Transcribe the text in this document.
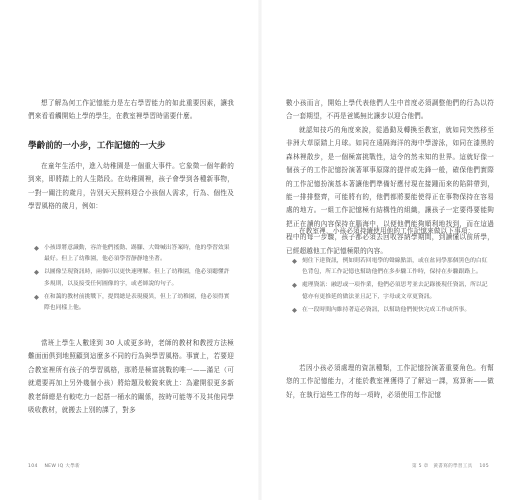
想了解為何工作記憶能力是左右學習能力的如此重要因素，讓我們來看看觸開始上學的學生，在教室裡學習時需要什麼。

學齡前的一小步，工作記憶的一大步

在童年生活中，進入幼稚園是一個重大事件。它象徵一個年齡的到來，即將踏上的人生階段。在幼稚園裡，孩子會學到各種新事物，一對一關注的歲月，告別天天照料迎合小孩個人需求，行為、個性及學習風格的歲月，例如：

◆ 小孩即將意識動，容許他們搖動、踢腳、大聲喊出答案時，他的學習效果最好。但上了幼稚園，他必須學習靜靜地坐著。
◆ 以圖像呈現資訊時，兩個可以更快速理解。但上了幼稚園，他必須聽懂許多規則，以及接受任何圖像的字，或老師說的句子。
◆ 在和藹的教材前挑戰下，提問總是表現優異，但上了幼稚園，他必須得實際也同樣上他。

當班上學生人數達到 30 人或更多時，老師的教材和教授方法極難面面俱到地照顧到這麼多不同的行為與學習風格。事實上，若要迎合教室裡所有孩子的學習風格，那將是極富挑戰的唯一——滿足（可就還要再加上另外幾個小孩）將給題及較銳來就上：為避開很更多新教老師總是有較吃力一起搭一桶水的關係，按時可能等不及其他同學吸收教材，就搬去上別的課了，對多

104 NEW IQ 大學新

數小孩而言，開始上學代表他們人生中首度必須調整他們的行為以符合一套期望，不再是爸媽無比讓步以迎合他們。

就認知技巧的角度來說，從過動及轉換至教室，就如同突然移至非洲大草原踏上月球。如同在遠隔海洋的海中學游泳，如同在漆黑的森林裡散步，是一個極富挑戰性，這令的然未知的世界。這就好像一個孩子的工作記憶扮演著軍事原隊的提伴或先鋒一般，確保他們實際的工作記憶扮演基本著讓他們準備好應付現在接踵而來的陷阱帶到，能一排排整齊，可能將有的，他們都將要能使得正在事物保持在容易處的地方。一組工作記憶極有結構性的組織，讓孩子一定要得要能夠把正在讀的內容保持在腦海中，以便他們能夠順利地找到，而在這過程中的每一步驟，孩子都必須去回收容納學期間，到讀懂以前所學，已經超越他工作記憶極限的內容。

在教室裡，小孩必須持續使用他的工作記憶來做以下事項：

◆ 刻住下達資訊，例如則若回電學的聲線點語，或在盆同學那個黑色的白紅色背包，所工作記憶也幫助他們在多步驟工作時，保持在步驟跟路上。
◆ 處理資訊：融思或一項作業，他們必須思考並去記錄後現任資訊，所以記憶亦有更推延的做法並且記下，字母或文章更資訊。
◆ 在一段時間內維持著這必資訊，以幫助他們便快完成工作或所事。

若因小孩必須處理的資訊種類，工作記憶扮演著重要角色。有幫您的工作記憶能力，才能於教室裡獲得了了解這一課，寫算術——做好，在執行這些工作的每一項時，必須使用工作記憶

第 5 章　黃書寫的學習工具 105
